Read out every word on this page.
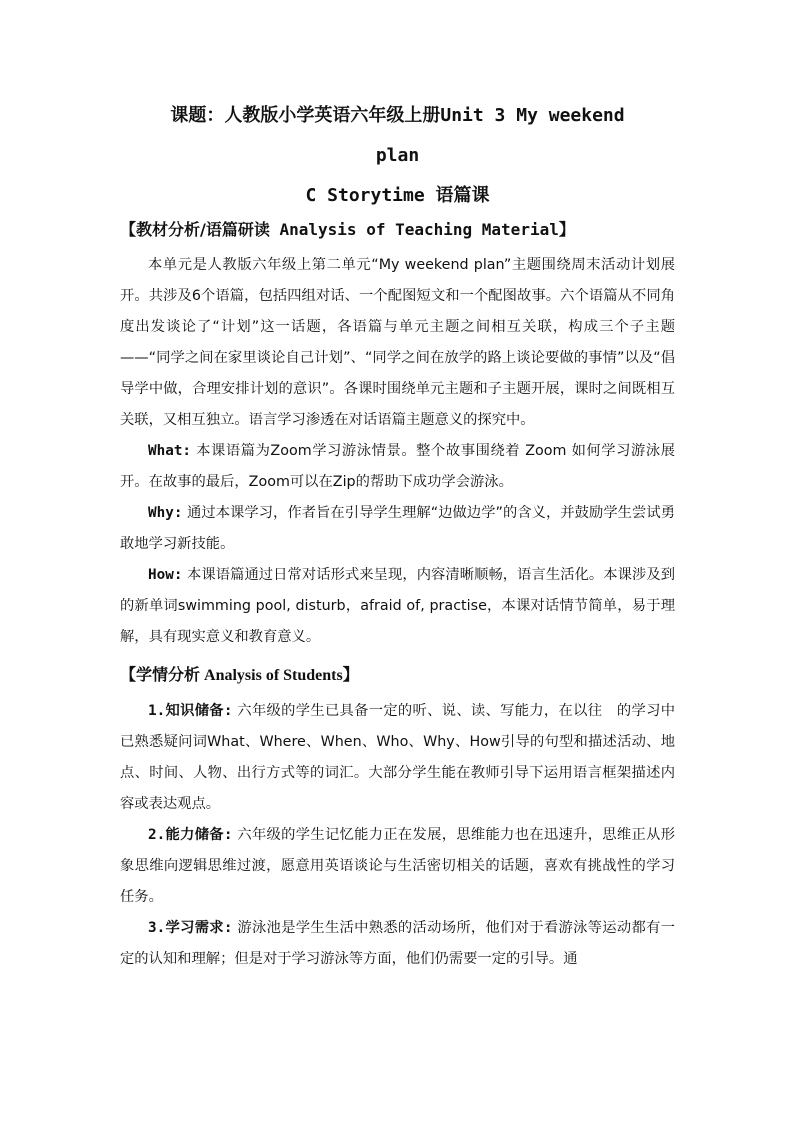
课题：人教版小学英语六年级上册Unit 3 My weekend

plan

C Storytime 语篇课

【教材分析/语篇研读 Analysis of Teaching Material】

本单元是人教版六年级上第二单元“My weekend plan”主题围绕周末活动计划展开。共涉及6个语篇，包括四组对话、一个配图短文和一个配图故事。六个语篇从不同角度出发谈论了“计划”这一话题，各语篇与单元主题之间相互关联，构成三个子主题——“同学之间在家里谈论自己计划”、“同学之间在放学的路上谈论要做的事情”以及“倡导学中做，合理安排计划的意识”。各课时围绕单元主题和子主题开展，课时之间既相互关联，又相互独立。语言学习渗透在对话语篇主题意义的探究中。

What: 本课语篇为Zoom学习游泳情景。整个故事围绕着 Zoom 如何学习游泳展开。在故事的最后，Zoom可以在Zip的帮助下成功学会游泳。

Why: 通过本课学习，作者旨在引导学生理解“边做边学”的含义，并鼓励学生尝试勇敢地学习新技能。

How: 本课语篇通过日常对话形式来呈现，内容清晰顺畅，语言生活化。本课涉及到的新单词swimming pool, disturb，afraid of, practise，本课对话情节简单，易于理解，具有现实意义和教育意义。

【学情分析 Analysis of Students】

1.知识储备: 六年级的学生已具备一定的听、说、读、写能力，在以往　的学习中已熟悉疑问词What、Where、When、Who、Why、How引导的句型和描述活动、地点、时间、人物、出行方式等的词汇。大部分学生能在教师引导下运用语言框架描述内容或表达观点。

2.能力储备: 六年级的学生记忆能力正在发展，思维能力也在迅速升，思维正从形象思维向逻辑思维过渡，愿意用英语谈论与生活密切相关的话题，喜欢有挑战性的学习任务。

3.学习需求: 游泳池是学生生活中熟悉的活动场所，他们对于看游泳等运动都有一定的认知和理解；但是对于学习游泳等方面，他们仍需要一定的引导。通
